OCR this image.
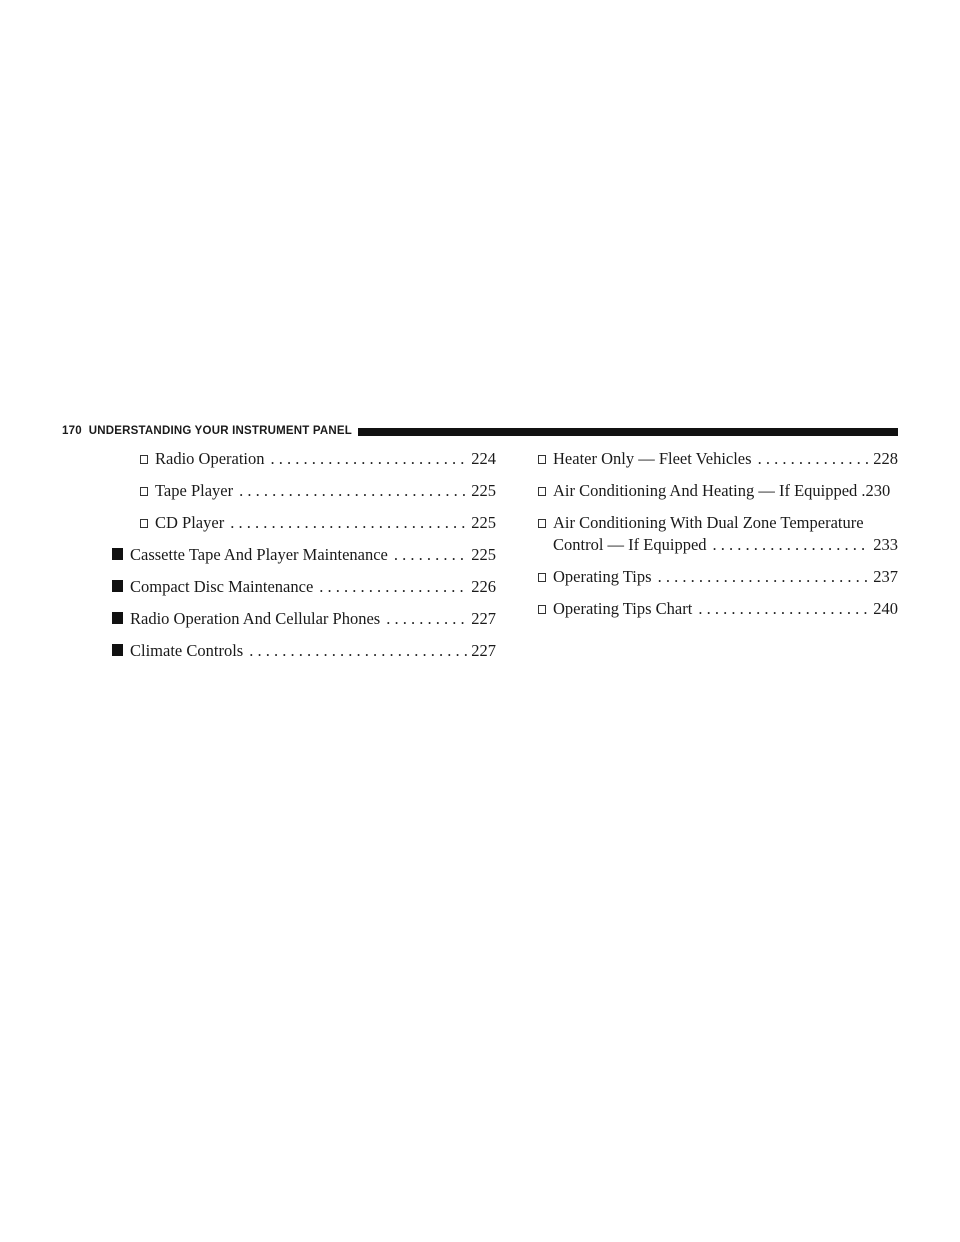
170 UNDERSTANDING YOUR INSTRUMENT PANEL
Radio Operation . . .	224
Tape Player . . .	225
CD Player . . .	225
Cassette Tape And Player Maintenance . . .	225
Compact Disc Maintenance . . .	226
Radio Operation And Cellular Phones . . .	227
Climate Controls . . .	227
Heater Only — Fleet Vehicles . . .	228
Air Conditioning And Heating — If Equipped . 230
Air Conditioning With Dual Zone Temperature
Control — If Equipped . . .	233
Operating Tips . . .	237
Operating Tips Chart . . .	240
